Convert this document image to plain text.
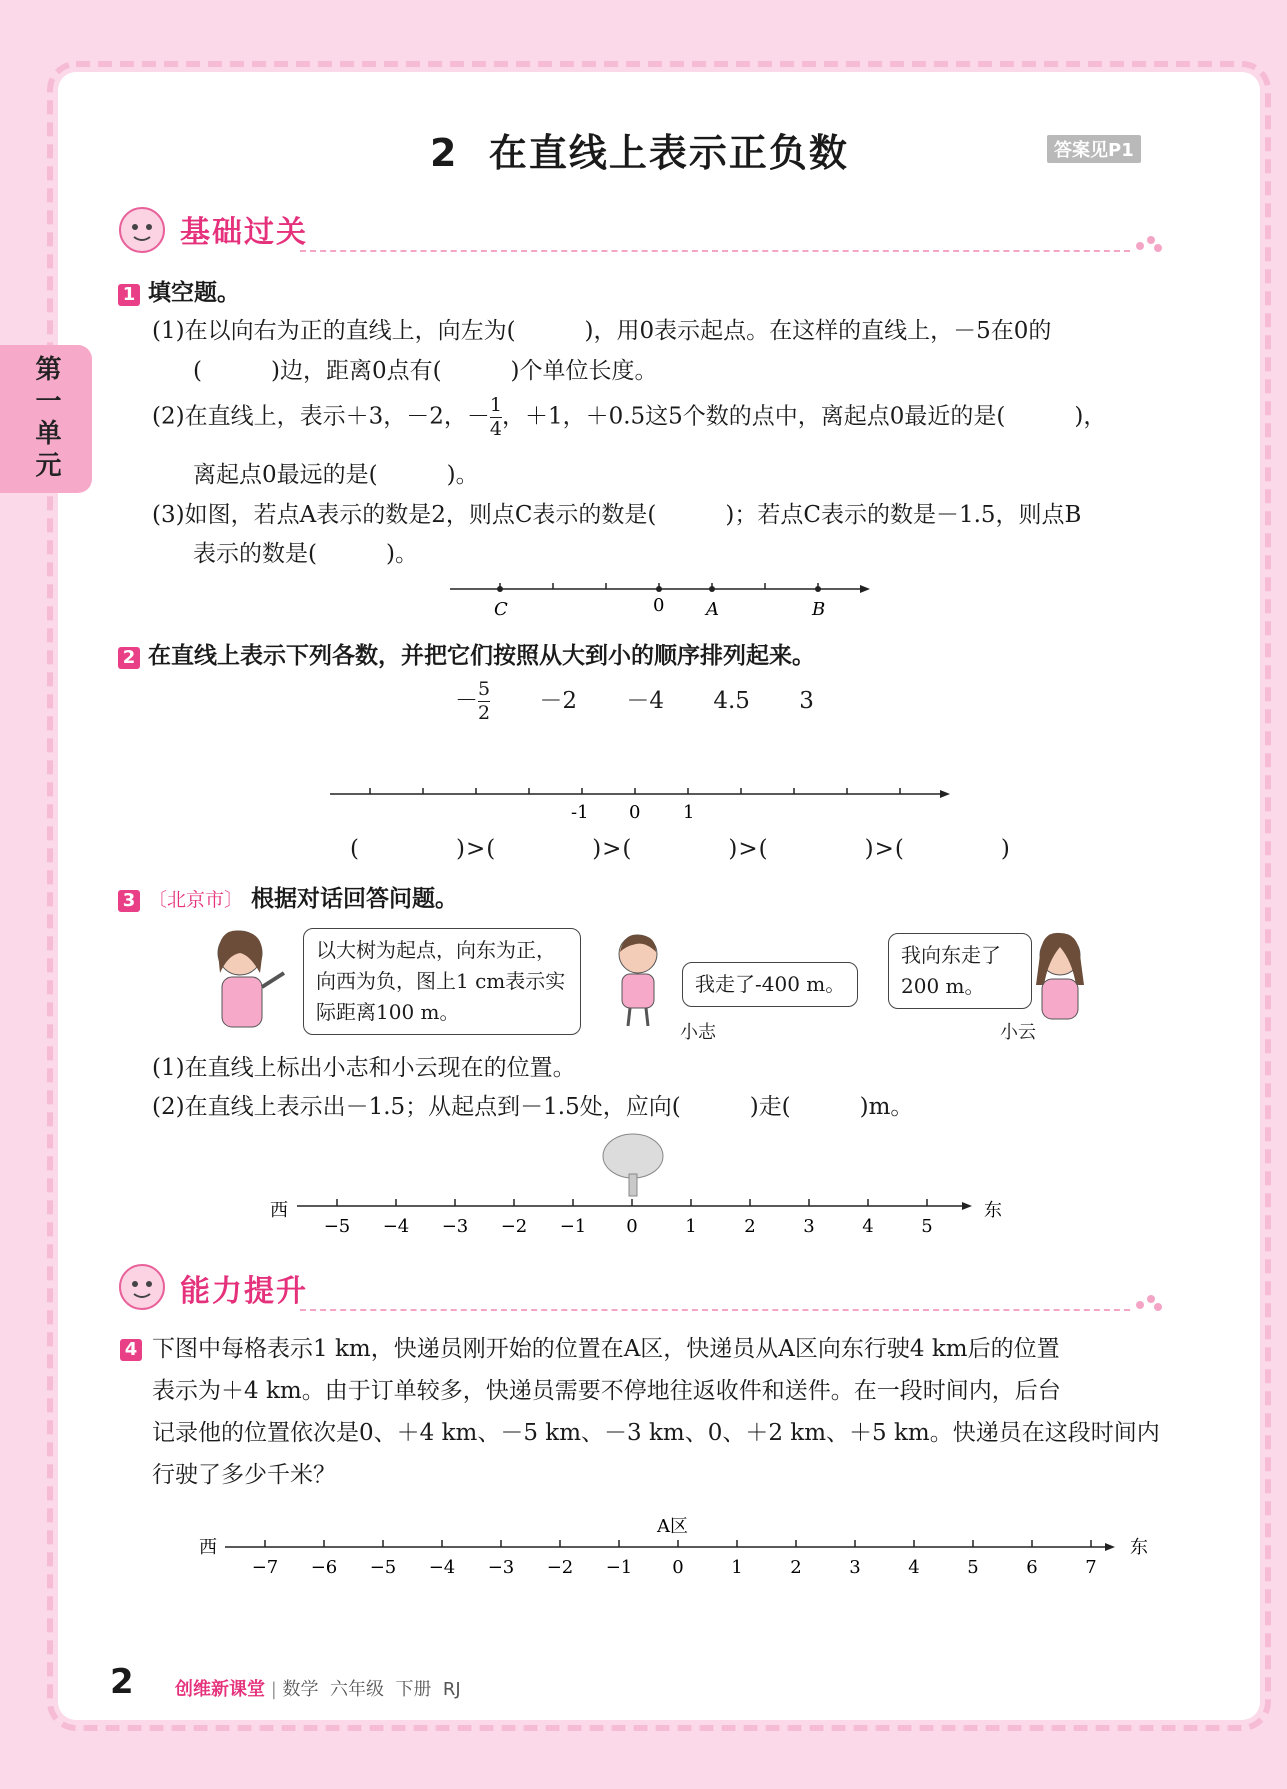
第一单元
2 在直线上表示正负数	答案见P1
基础过关
1 填空题。
(1)在以向右为正的直线上，向左为(　　　)，用0表示起点。在这样的直线上，－5在0的
(　　　)边，距离0点有(　　　)个单位长度。
(2)在直线上，表示＋3，－2，－ $\frac{1}{4}$ ，＋1，＋0.5这5个数的点中，离起点0最近的是(　　　)，
离起点0最远的是(　　　)。
(3)如图，若点A表示的数是2，则点C表示的数是(　　　)；若点C表示的数是－1.5，则点B
表示的数是(　　　)。
C	0 A	B
2 在直线上表示下列各数，并把它们按照从大到小的顺序排列起来。
－ $\frac{5}{2} -2 -4$ 4.5 3
-1 0 1
(　　　　)>(　　　　)>(　　　　)>(　　　　)>(　　　　)
3 〔北京市〕 根据对话回答问题。
以大树为起点，向东为正，向西为负，图上1 cm表示实际距离100 m。
小志
我走了-400 m。
我向东走了200 m。
小云
(1)在直线上标出小志和小云现在的位置。
(2)在直线上表示出－1.5；从起点到－1.5处，应向(　　　)走(　　　)m。
西	东
−5 −4 −3 −2 −1 0	1	2	3	4	5
能力提升
4 下图中每格表示1 km，快递员刚开始的位置在A区，快递员从A区向东行驶4 km后的位置
表示为＋4 km。由于订单较多，快递员需要不停地往返收件和送件。在一段时间内，后台
记录他的位置依次是0、＋4 km、－5 km、－3 km、0、＋2 km、＋5 km。快递员在这段时间内
行驶了多少千米？
A区
西	东
−7 −6 −5 −4 −3 −2 −1 0	1	2	3	4	5	6	7
2 创维新课堂 | 数学 六年级 下册 RJ
